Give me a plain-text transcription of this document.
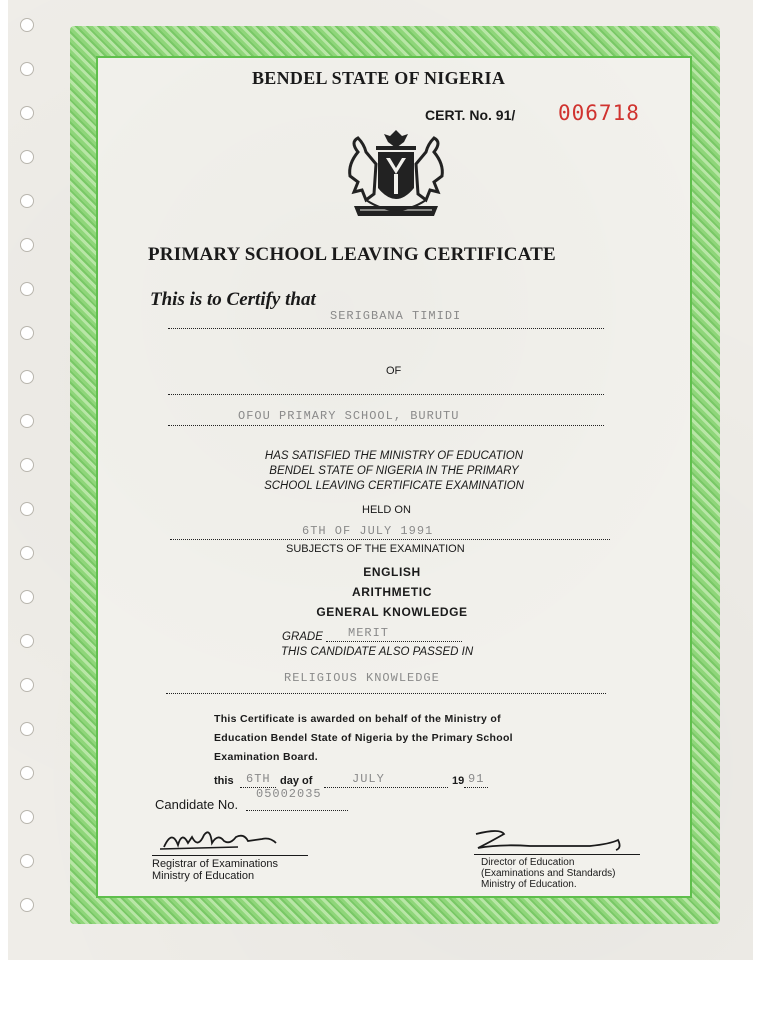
BENDEL STATE OF NIGERIA
CERT. No. 91/ 006718
PRIMARY SCHOOL LEAVING CERTIFICATE
This is to Certify that
SERIGBANA TIMIDI
OF
OFOU PRIMARY SCHOOL, BURUTU
HAS SATISFIED THE MINISTRY OF EDUCATION
BENDEL STATE OF NIGERIA IN THE PRIMARY
SCHOOL LEAVING CERTIFICATE EXAMINATION
HELD ON
6TH OF JULY 1991
SUBJECTS OF THE EXAMINATION
ENGLISH
ARITHMETIC
GENERAL KNOWLEDGE
GRADE MERIT
THIS CANDIDATE ALSO PASSED IN
RELIGIOUS KNOWLEDGE
This Certificate is awarded on behalf of the Ministry of
Education Bendel State of Nigeria by the Primary School
Examination Board.
this 6TH day of	JULY	19 91
05002035
Candidate No.
Registrar of Examinations
Ministry of Education
Director of Education
(Examinations and Standards)
Ministry of Education.
